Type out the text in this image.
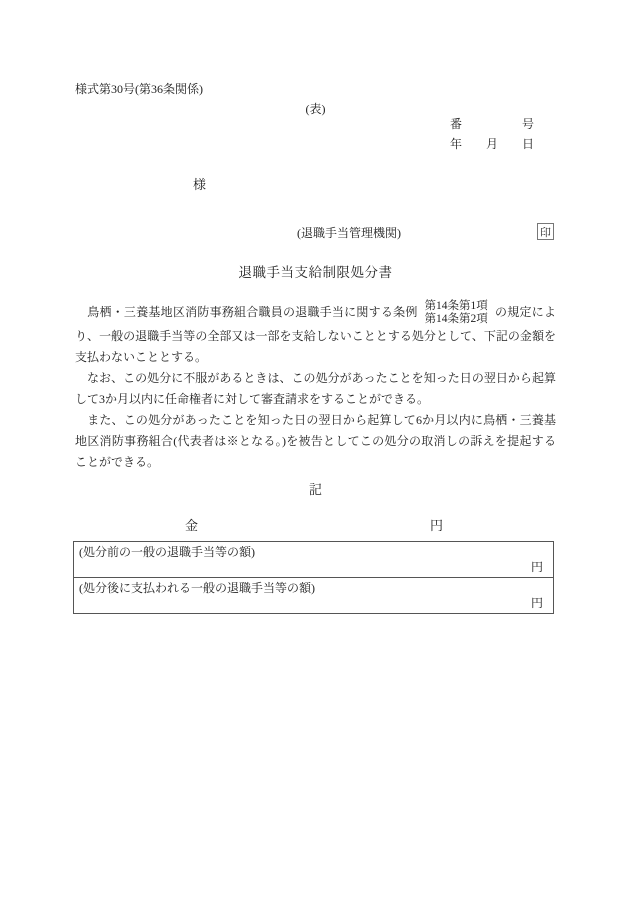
様式第30号(第36条関係)
(表)
番	号
年 月 日
様
(退職手当管理機関)	印
退職手当支給制限処分書

　鳥栖・三養基地区消防事務組合職員の退職手当に関する条例 第14条第1項
第14条第2項の規定により、一般の退職手当等の全部又は一部を支給しないこととする処分として、下記の金額を支払わないこととする。

　なお、この処分に不服があるときは、この処分があったことを知った日の翌日から起算して3か月以内に任命権者に対して審査請求をすることができる。

　また、この処分があったことを知った日の翌日から起算して6か月以内に鳥栖・三養基地区消防事務組合(代表者は※となる。)を被告としてこの処分の取消しの訴えを提起することができる。

記
金	円
(処分前の一般の退職手当等の額)
円
(処分後に支払われる一般の退職手当等の額)
円
